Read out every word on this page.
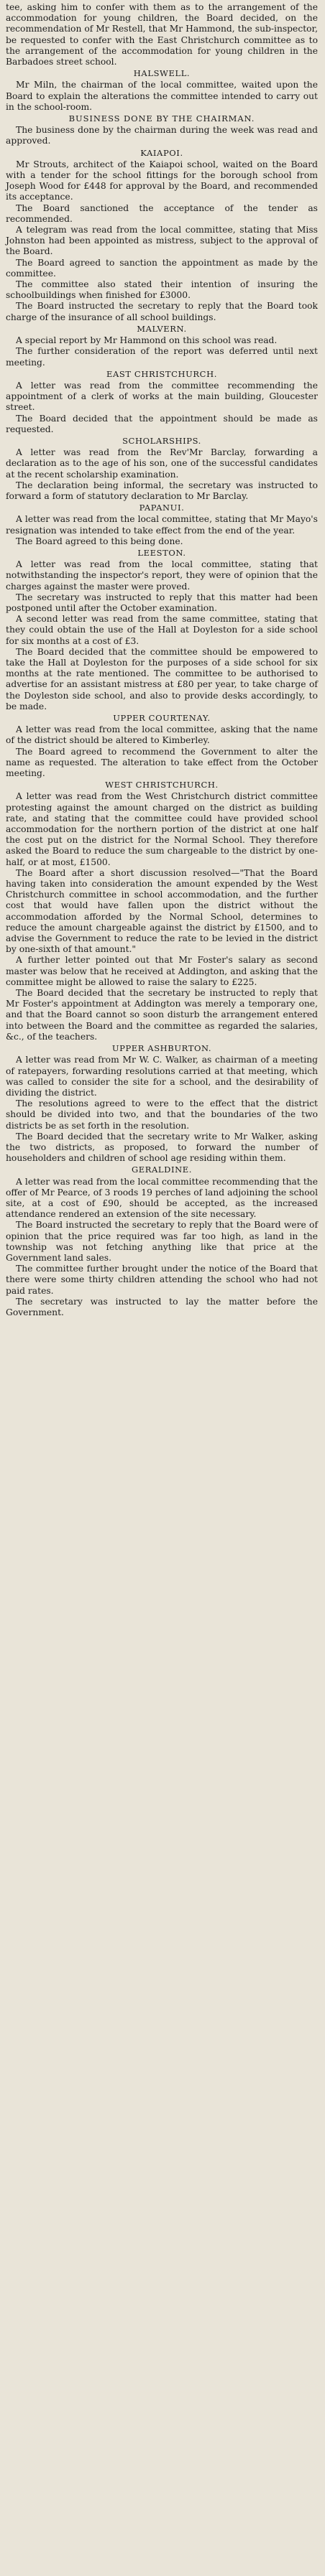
tee, asking him to confer with them as to the arrangement of the accommodation for young children, the Board decided, on the recommendation of Mr Restell, that Mr Hammond, the sub-inspector, be requested to confer with the East Christchurch committee as to the arrangement of the accommodation for young children in the Barbadoes street school.

HALSWELL.

Mr Miln, the chairman of the local committee, waited upon the Board to explain the alterations the committee intended to carry out in the school-room.

BUSINESS DONE BY THE CHAIRMAN.

The business done by the chairman during the week was read and approved.

KAIAPOI.

Mr Strouts, architect of the Kaiapoi school, waited on the Board with a tender for the school fittings for the borough school from Joseph Wood for £448 for approval by the Board, and recommended its acceptance.

The Board sanctioned the acceptance of the tender as recommended.

A telegram was read from the local committee, stating that Miss Johnston had been appointed as mistress, subject to the approval of the Board.

The Board agreed to sanction the appointment as made by the committee.

The committee also stated their intention of insuring the schoolbuildings when finished for £3000.

The Board instructed the secretary to reply that the Board took charge of the insurance of all school buildings.

MALVERN.

A special report by Mr Hammond on this school was read.

The further consideration of the report was deferred until next meeting.

EAST CHRISTCHURCH.

A letter was read from the committee recommending the appointment of a clerk of works at the main building, Gloucester street.

The Board decided that the appointment should be made as requested.

SCHOLARSHIPS.

A letter was read from the Rev'Mr Barclay, forwarding a declaration as to the age of his son, one of the successful candidates at the recent scholarship examination.

The declaration being informal, the secretary was instructed to forward a form of statutory declaration to Mr Barclay.

PAPANUI.

A letter was read from the local committee, stating that Mr Mayo's resignation was intended to take effect from the end of the year.

The Board agreed to this being done.

LEESTON.

A letter was read from the local committee, stating that notwithstanding the inspector's report, they were of opinion that the charges against the master were proved.

The secretary was instructed to reply that this matter had been postponed until after the October examination.

A second letter was read from the same committee, stating that they could obtain the use of the Hall at Doyleston for a side school for six months at a cost of £3.

The Board decided that the committee should be empowered to take the Hall at Doyleston for the purposes of a side school for six months at the rate mentioned. The committee to be authorised to advertise for an assistant mistress at £80 per year, to take charge of the Doyleston side school, and also to provide desks accordingly, to be made.

UPPER COURTENAY.

A letter was read from the local committee, asking that the name of the district should be altered to Kimberley.

The Board agreed to recommend the Government to alter the name as requested. The alteration to take effect from the October meeting.

WEST CHRISTCHURCH.

A letter was read from the West Christchurch district committee protesting against the amount charged on the district as building rate, and stating that the committee could have provided school accommodation for the northern portion of the district at one half the cost put on the district for the Normal School. They therefore asked the Board to reduce the sum chargeable to the district by one-half, or at most, £1500.

The Board after a short discussion resolved—"That the Board having taken into consideration the amount expended by the West Christchurch committee in school accommodation, and the further cost that would have fallen upon the district without the accommodation afforded by the Normal School, determines to reduce the amount chargeable against the district by £1500, and to advise the Government to reduce the rate to be levied in the district by one-sixth of that amount."

A further letter pointed out that Mr Foster's salary as second master was below that he received at Addington, and asking that the committee might be allowed to raise the salary to £225.

The Board decided that the secretary be instructed to reply that Mr Foster's appointment at Addington was merely a temporary one, and that the Board cannot so soon disturb the arrangement entered into between the Board and the committee as regarded the salaries, &c., of the teachers.

UPPER ASHBURTON.

A letter was read from Mr W. C. Walker, as chairman of a meeting of ratepayers, forwarding resolutions carried at that meeting, which was called to consider the site for a school, and the desirability of dividing the district.

The resolutions agreed to were to the effect that the district should be divided into two, and that the boundaries of the two districts be as set forth in the resolution.

The Board decided that the secretary write to Mr Walker, asking the two districts, as proposed, to forward the number of householders and children of school age residing within them.

GERALDINE.

A letter was read from the local committee recommending that the offer of Mr Pearce, of 3 roods 19 perches of land adjoining the school site, at a cost of £90, should be accepted, as the increased attendance rendered an extension of the site necessary.

The Board instructed the secretary to reply that the Board were of opinion that the price required was far too high, as land in the township was not fetching anything like that price at the Government land sales.

The committee further brought under the notice of the Board that there were some thirty children attending the school who had not paid rates.

The secretary was instructed to lay the matter before the Government.
